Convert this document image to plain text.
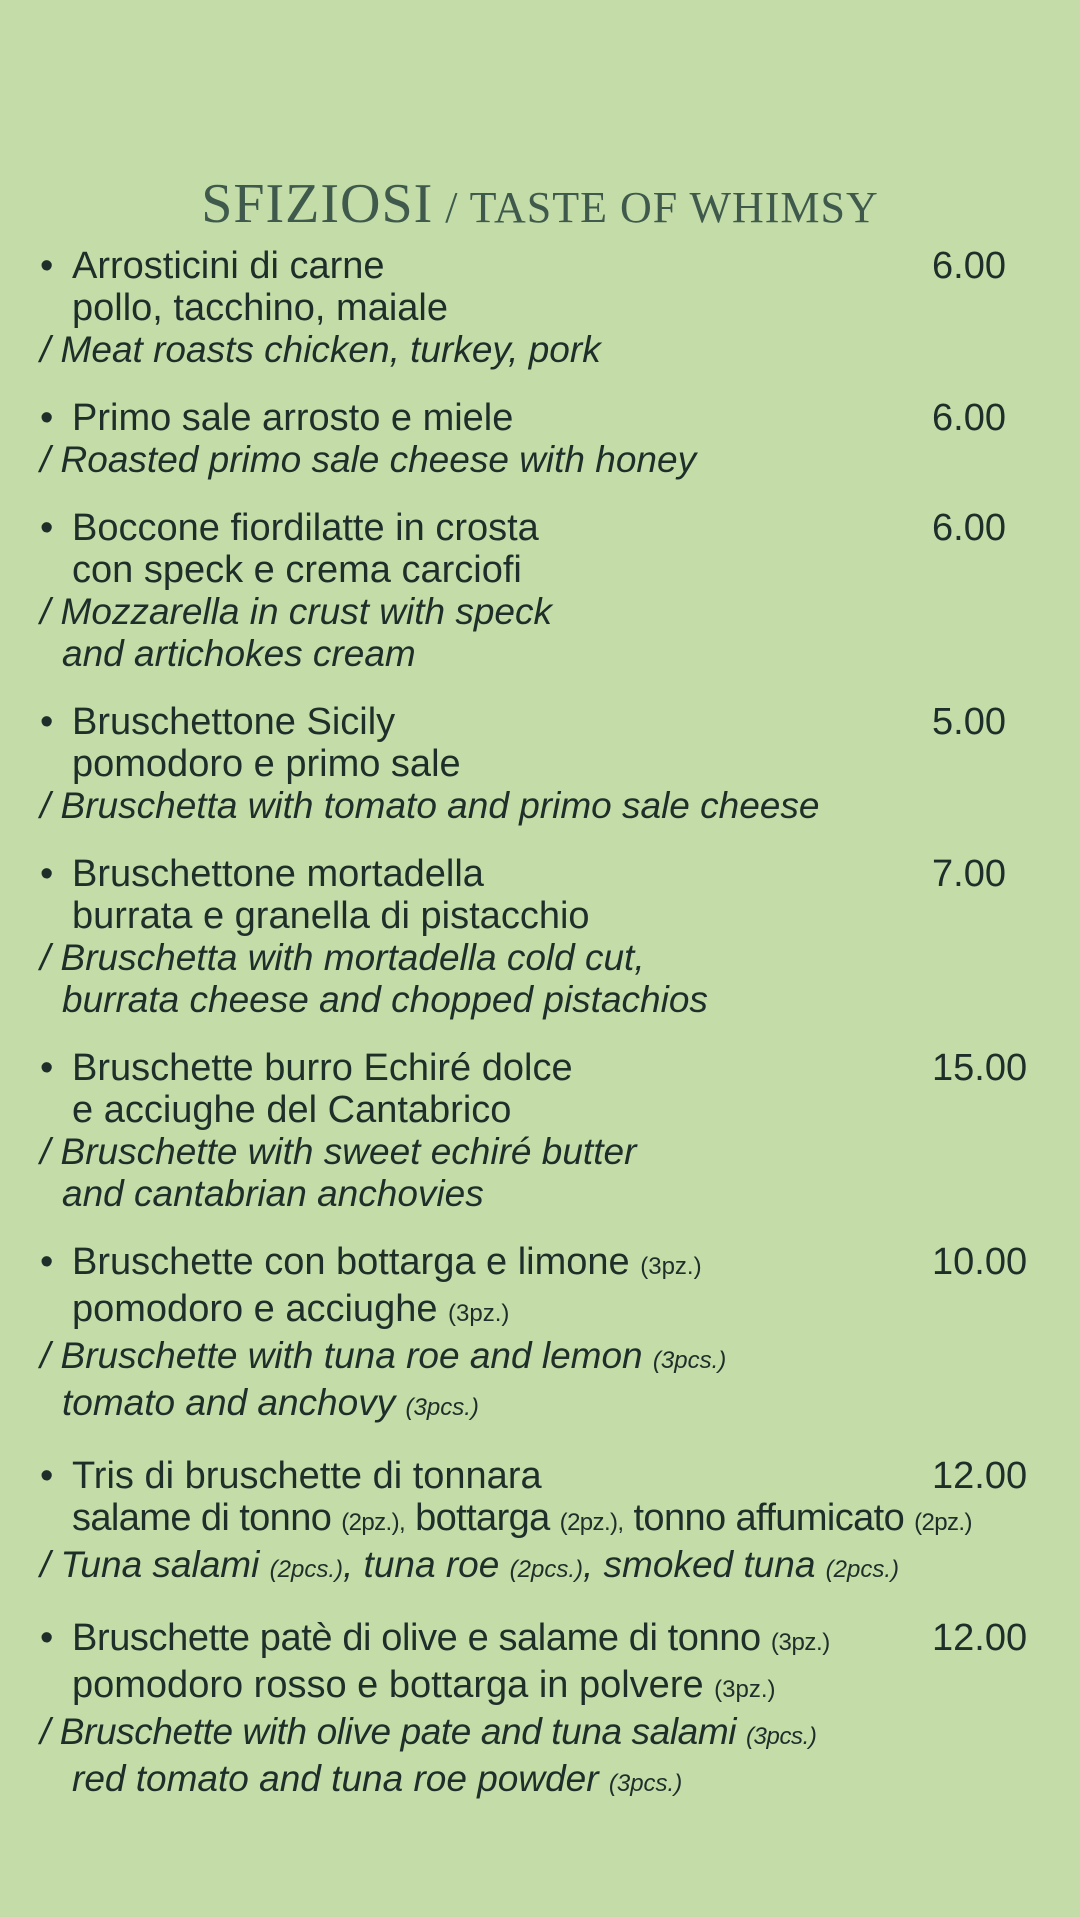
SFIZIOSI / TASTE OF WHIMSY
• Arrosticini di carne
pollo, tacchino, maiale
/ Meat roasts chicken, turkey, pork
6.00
• Primo sale arrosto e miele
/ Roasted primo sale cheese with honey
6.00
• Boccone fiordilatte in crosta
con speck e crema carciofi
/ Mozzarella in crust with speck
and artichokes cream
6.00
• Bruschettone Sicily
pomodoro e primo sale
/ Bruschetta with tomato and primo sale cheese
5.00
• Bruschettone mortadella
burrata e granella di pistacchio
/ Bruschetta with mortadella cold cut,
burrata cheese and chopped pistachios
7.00
• Bruschette burro Echiré dolce
e acciughe del Cantabrico
/ Bruschette with sweet echiré butter
and cantabrian anchovies
15.00
• Bruschette con bottarga e limone (3pz.)
pomodoro e acciughe (3pz.)
/ Bruschette with tuna roe and lemon (3pcs.)
tomato and anchovy (3pcs.)
10.00
• Tris di bruschette di tonnara
salame di tonno (2pz.), bottarga (2pz.), tonno affumicato (2pz.)
/ Tuna salami (2pcs.), tuna roe (2pcs.), smoked tuna (2pcs.)
12.00
• Bruschette patè di olive e salame di tonno (3pz.)
pomodoro rosso e bottarga in polvere (3pz.)
/ Bruschette with olive pate and tuna salami (3pcs.)
red tomato and tuna roe powder (3pcs.)
12.00
